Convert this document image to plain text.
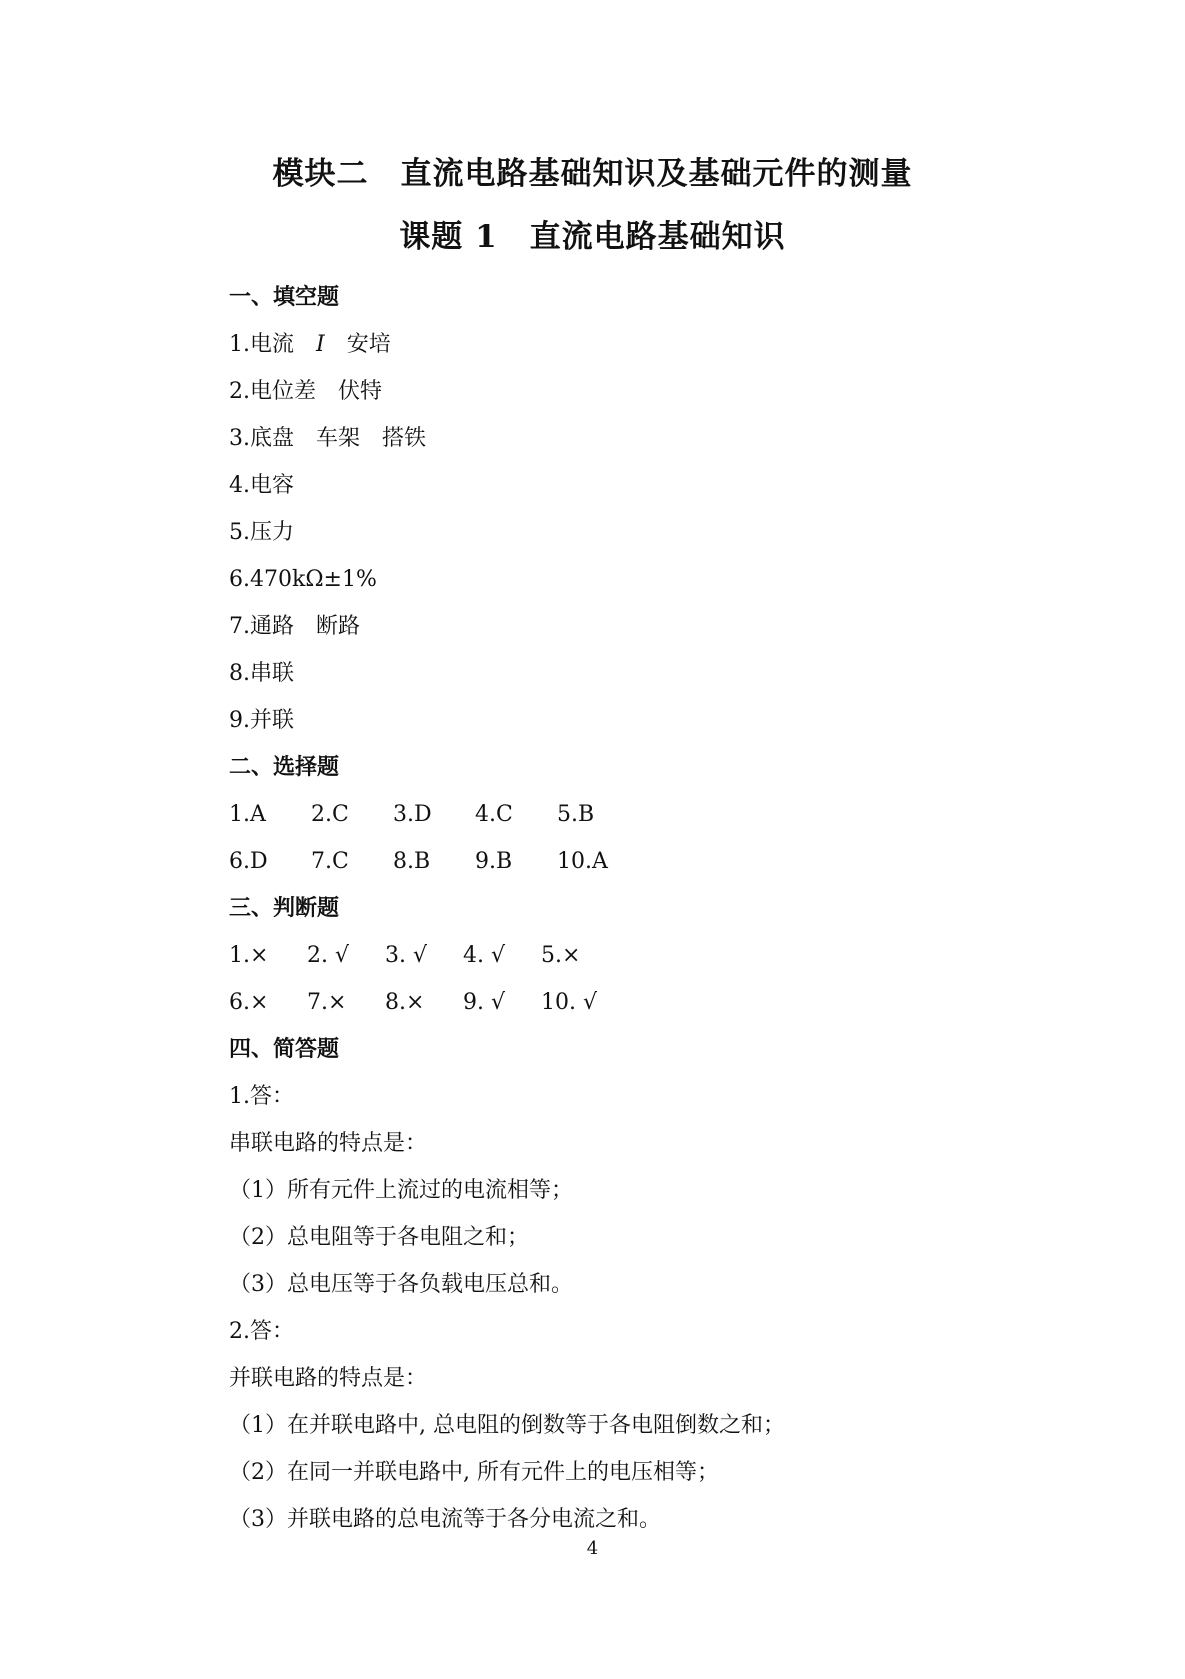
模块二　直流电路基础知识及基础元件的测量
课题 1　直流电路基础知识
一、填空题
1.电流　I　安培
2.电位差　伏特
3.底盘　车架　搭铁
4.电容
5.压力
6.470kΩ±1%
7.通路　断路
8.串联
9.并联
二、选择题
1.A	2.C	3.D	4.C	5.B
6.D	7.C	8.B	9.B	10.A
三、判断题
1.×	2. √	3. √	4. √	5.×
6.×	7.×	8.×	9. √	10. √
四、简答题
1.答：
串联电路的特点是：
（1）所有元件上流过的电流相等；
（2）总电阻等于各电阻之和；
（3）总电压等于各负载电压总和。
2.答：
并联电路的特点是：
（1）在并联电路中, 总电阻的倒数等于各电阻倒数之和；
（2）在同一并联电路中, 所有元件上的电压相等；
（3）并联电路的总电流等于各分电流之和。
4
